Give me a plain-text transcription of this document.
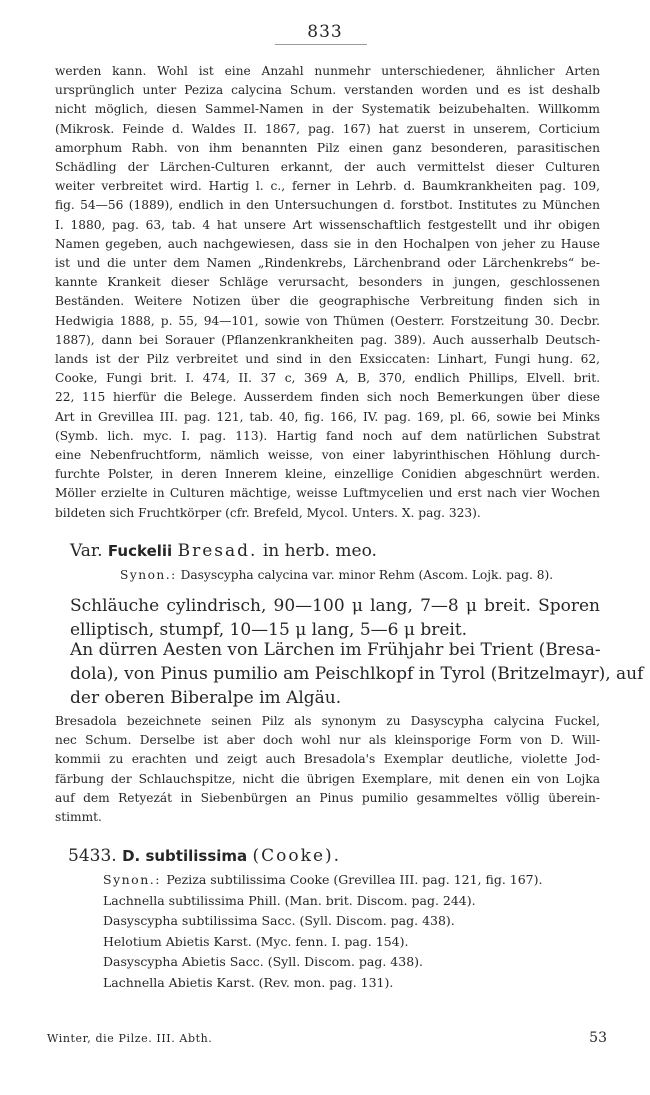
833
werden kann. Wohl ist eine Anzahl nunmehr unterschiedener, ähnlicher Arten
ursprünglich unter Peziza calycina Schum. verstanden worden und es ist deshalb
nicht möglich, diesen Sammel-Namen in der Systematik beizubehalten. Willkomm
(Mikrosk. Feinde d. Waldes II. 1867, pag. 167) hat zuerst in unserem, Corticium
amorphum Rabh. von ihm benannten Pilz einen ganz besonderen, parasitischen
Schädling der Lärchen-Culturen erkannt, der auch vermittelst dieser Culturen
weiter verbreitet wird. Hartig l. c., ferner in Lehrb. d. Baumkrankheiten pag. 109,
fig. 54—56 (1889), endlich in den Untersuchungen d. forstbot. Institutes zu München
I. 1880, pag. 63, tab. 4 hat unsere Art wissenschaftlich festgestellt und ihr obigen
Namen gegeben, auch nachgewiesen, dass sie in den Hochalpen von jeher zu Hause
ist und die unter dem Namen „Rindenkrebs, Lärchenbrand oder Lärchenkrebs“ be-
kannte Krankeit dieser Schläge verursacht, besonders in jungen, geschlossenen
Beständen. Weitere Notizen über die geographische Verbreitung finden sich in
Hedwigia 1888, p. 55, 94—101, sowie von Thümen (Oesterr. Forstzeitung 30. Decbr.
1887), dann bei Sorauer (Pflanzenkrankheiten pag. 389). Auch ausserhalb Deutsch-
lands ist der Pilz verbreitet und sind in den Exsiccaten: Linhart, Fungi hung. 62,
Cooke, Fungi brit. I. 474, II. 37 c, 369 A, B, 370, endlich Phillips, Elvell. brit.
22, 115 hierfür die Belege. Ausserdem finden sich noch Bemerkungen über diese
Art in Grevillea III. pag. 121, tab. 40, fig. 166, IV. pag. 169, pl. 66, sowie bei Minks
(Symb. lich. myc. I. pag. 113). Hartig fand noch auf dem natürlichen Substrat
eine Nebenfruchtform, nämlich weisse, von einer labyrinthischen Höhlung durch-
furchte Polster, in deren Innerem kleine, einzellige Conidien abgeschnürt werden.
Möller erzielte in Culturen mächtige, weisse Luftmycelien und erst nach vier Wochen
bildeten sich Fruchtkörper (cfr. Brefeld, Mycol. Unters. X. pag. 323).
Var. Fuckelii Bresad. in herb. meo.
Synon.: Dasyscypha calycina var. minor Rehm (Ascom. Lojk. pag. 8).
Schläuche cylindrisch, 90—100 μ lang, 7—8 μ breit. Sporen
elliptisch, stumpf, 10—15 μ lang, 5—6 μ breit.
An dürren Aesten von Lärchen im Frühjahr bei Trient (Bresa-
dola), von Pinus pumilio am Peischlkopf in Tyrol (Britzelmayr), auf
der oberen Biberalpe im Algäu.
Bresadola bezeichnete seinen Pilz als synonym zu Dasyscypha calycina Fuckel,
nec Schum. Derselbe ist aber doch wohl nur als kleinsporige Form von D. Will-
kommii zu erachten und zeigt auch Bresadola's Exemplar deutliche, violette Jod-
färbung der Schlauchspitze, nicht die übrigen Exemplare, mit denen ein von Lojka
auf dem Retyezát in Siebenbürgen an Pinus pumilio gesammeltes völlig überein-
stimmt.
5433. D. subtilissima (Cooke).
Synon.: Peziza subtilissima Cooke (Grevillea III. pag. 121, fig. 167).
Lachnella subtilissima Phill. (Man. brit. Discom. pag. 244).
Dasyscypha subtilissima Sacc. (Syll. Discom. pag. 438).
Helotium Abietis Karst. (Myc. fenn. I. pag. 154).
Dasyscypha Abietis Sacc. (Syll. Discom. pag. 438).
Lachnella Abietis Karst. (Rev. mon. pag. 131).
Winter, die Pilze. III. Abth.	53
